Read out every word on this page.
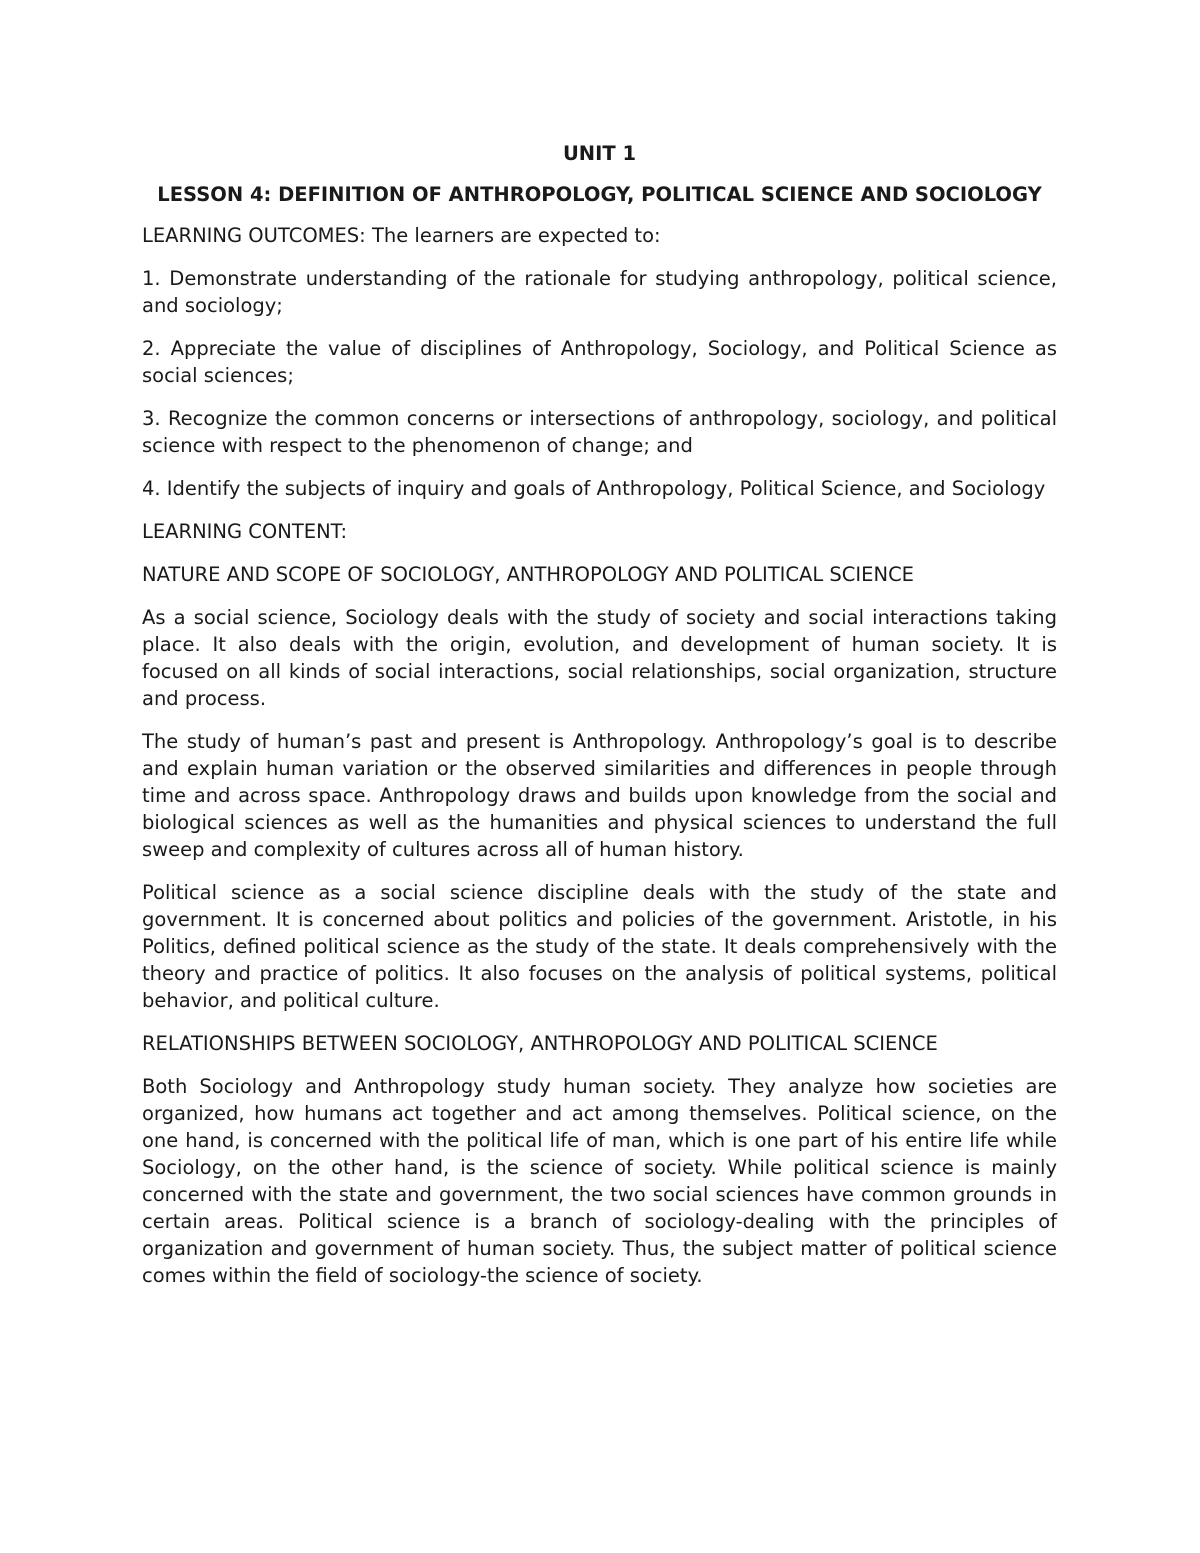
UNIT 1

LESSON 4: DEFINITION OF ANTHROPOLOGY, POLITICAL SCIENCE AND SOCIOLOGY

LEARNING OUTCOMES: The learners are expected to:

1. Demonstrate understanding of the rationale for studying anthropology, political science, and sociology;

2. Appreciate the value of disciplines of Anthropology, Sociology, and Political Science as social sciences;

3. Recognize the common concerns or intersections of anthropology, sociology, and political science with respect to the phenomenon of change; and

4. Identify the subjects of inquiry and goals of Anthropology, Political Science, and Sociology

LEARNING CONTENT:

NATURE AND SCOPE OF SOCIOLOGY, ANTHROPOLOGY AND POLITICAL SCIENCE

As a social science, Sociology deals with the study of society and social interactions taking place. It also deals with the origin, evolution, and development of human society. It is focused on all kinds of social interactions, social relationships, social organization, structure and process.

The study of human’s past and present is Anthropology. Anthropology’s goal is to describe and explain human variation or the observed similarities and differences in people through time and across space. Anthropology draws and builds upon knowledge from the social and biological sciences as well as the humanities and physical sciences to understand the full sweep and complexity of cultures across all of human history.

Political science as a social science discipline deals with the study of the state and government. It is concerned about politics and policies of the government. Aristotle, in his Politics, defined political science as the study of the state. It deals comprehensively with the theory and practice of politics. It also focuses on the analysis of political systems, political behavior, and political culture.

RELATIONSHIPS BETWEEN SOCIOLOGY, ANTHROPOLOGY AND POLITICAL SCIENCE

Both Sociology and Anthropology study human society. They analyze how societies are organized, how humans act together and act among themselves. Political science, on the one hand, is concerned with the political life of man, which is one part of his entire life while Sociology, on the other hand, is the science of society. While political science is mainly concerned with the state and government, the two social sciences have common grounds in certain areas. Political science is a branch of sociology-dealing with the principles of organization and government of human society. Thus, the subject matter of political science comes within the field of sociology-the science of society.
